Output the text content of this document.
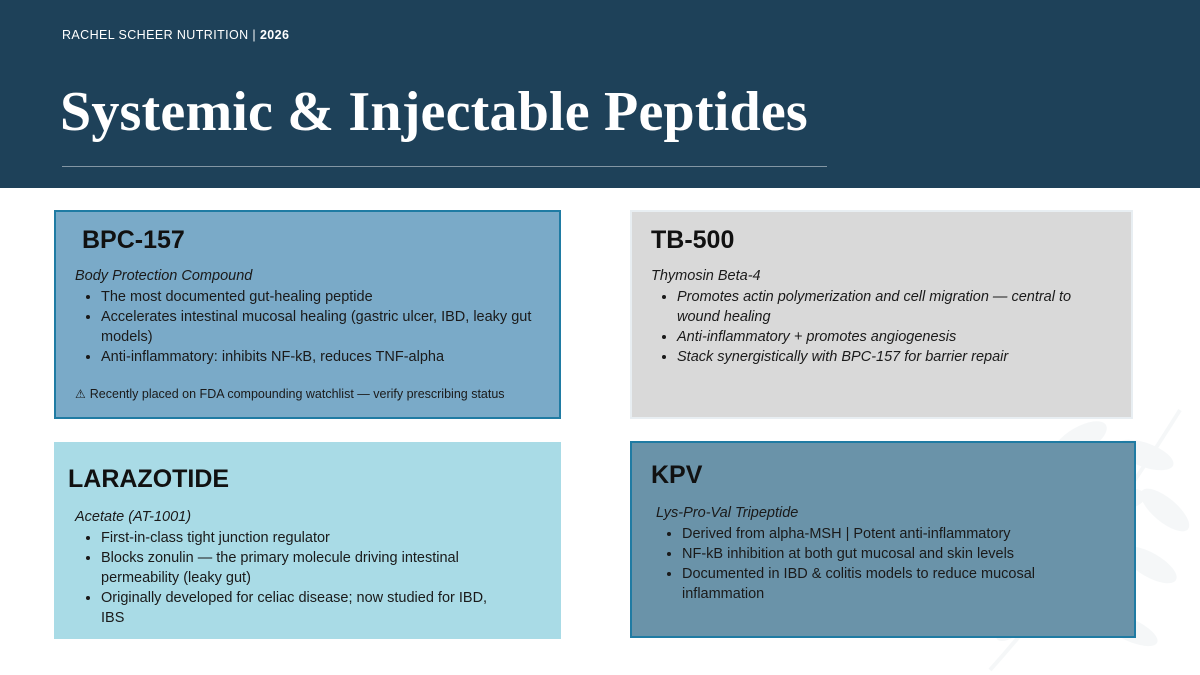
RACHEL SCHEER NUTRITION | 2026
Systemic & Injectable Peptides
BPC-157
Body Protection Compound
• The most documented gut-healing peptide
• Accelerates intestinal mucosal healing (gastric ulcer, IBD, leaky gut models)
• Anti-inflammatory: inhibits NF-kB, reduces TNF-alpha
⚠ Recently placed on FDA compounding watchlist — verify prescribing status
TB-500
Thymosin Beta-4
• Promotes actin polymerization and cell migration — central to wound healing
• Anti-inflammatory + promotes angiogenesis
• Stack synergistically with BPC-157 for barrier repair
LARAZOTIDE
Acetate (AT-1001)
• First-in-class tight junction regulator
• Blocks zonulin — the primary molecule driving intestinal permeability (leaky gut)
• Originally developed for celiac disease; now studied for IBD, IBS
KPV
Lys-Pro-Val Tripeptide
• Derived from alpha-MSH | Potent anti-inflammatory
• NF-kB inhibition at both gut mucosal and skin levels
• Documented in IBD & colitis models to reduce mucosal inflammation
